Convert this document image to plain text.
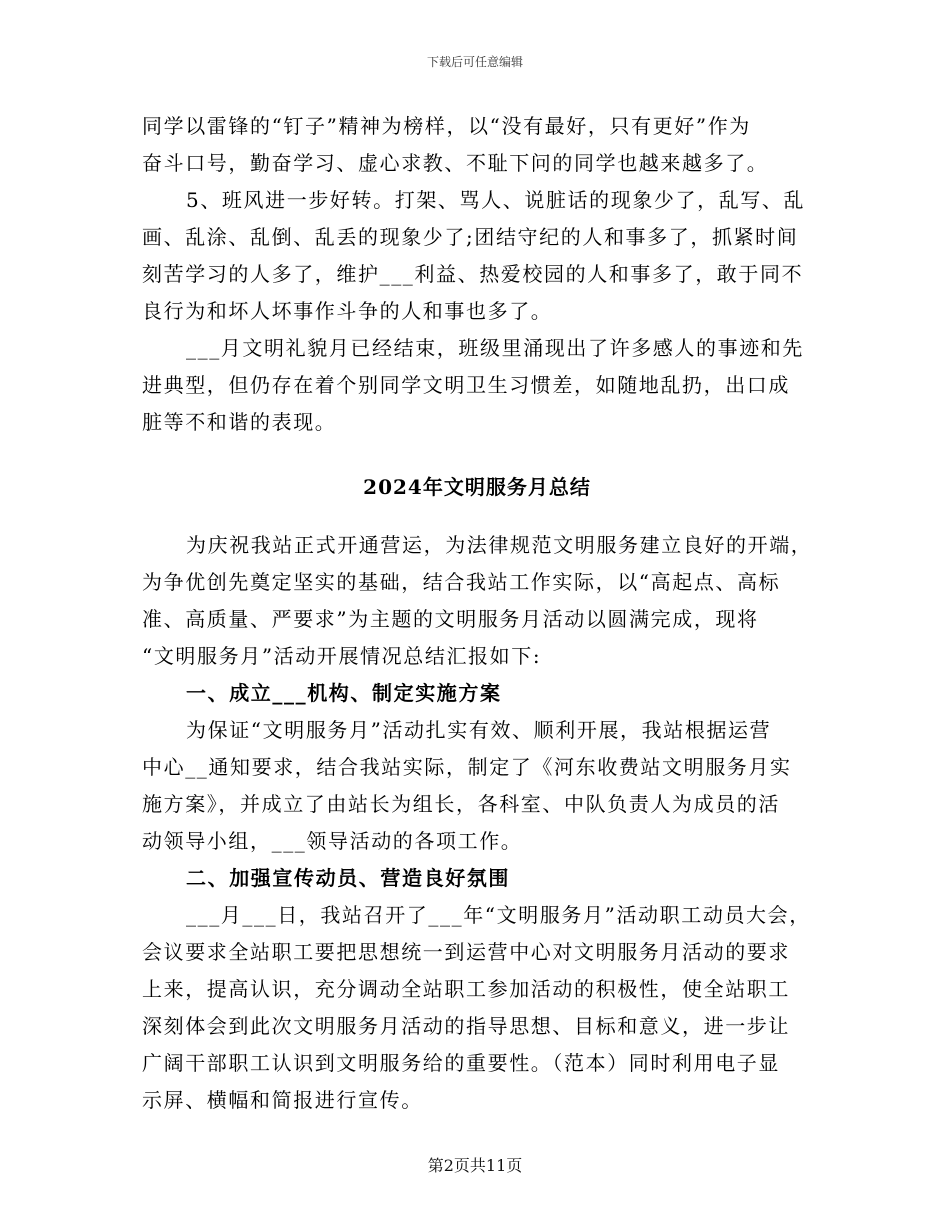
下载后可任意编辑
同学以雷锋的“钉子”精神为榜样，以“没有最好，只有更好”作为
奋斗口号，勤奋学习、虚心求教、不耻下问的同学也越来越多了。
5、班风进一步好转。打架、骂人、说脏话的现象少了，乱写、乱
画、乱涂、乱倒、乱丢的现象少了;团结守纪的人和事多了，抓紧时间
刻苦学习的人多了，维护___利益、热爱校园的人和事多了，敢于同不
良行为和坏人坏事作斗争的人和事也多了。
___月文明礼貌月已经结束，班级里涌现出了许多感人的事迹和先
进典型，但仍存在着个别同学文明卫生习惯差，如随地乱扔，出口成
脏等不和谐的表现。
2024年文明服务月总结
为庆祝我站正式开通营运，为法律规范文明服务建立良好的开端，
为争优创先奠定坚实的基础，结合我站工作实际，以“高起点、高标
准、高质量、严要求”为主题的文明服务月活动以圆满完成，现将
“文明服务月”活动开展情况总结汇报如下:
一、成立___机构、制定实施方案
为保证“文明服务月”活动扎实有效、顺利开展，我站根据运营
中心__通知要求，结合我站实际，制定了《河东收费站文明服务月实
施方案》，并成立了由站长为组长，各科室、中队负责人为成员的活
动领导小组，___领导活动的各项工作。
二、加强宣传动员、营造良好氛围
___月___日，我站召开了___年“文明服务月”活动职工动员大会，
会议要求全站职工要把思想统一到运营中心对文明服务月活动的要求
上来，提高认识，充分调动全站职工参加活动的积极性，使全站职工
深刻体会到此次文明服务月活动的指导思想、目标和意义，进一步让
广阔干部职工认识到文明服务给的重要性。（范本）同时利用电子显
示屏、横幅和简报进行宣传。
第2页共11页
